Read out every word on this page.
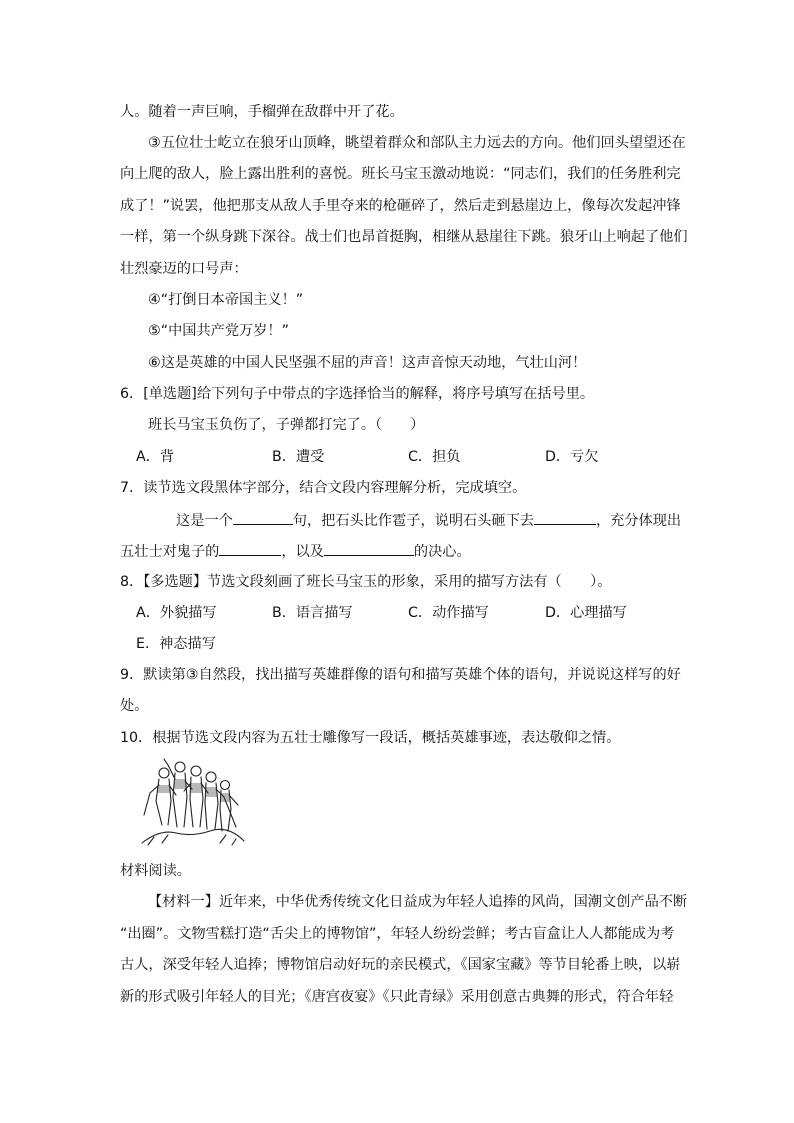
人。随着一声巨响，手榴弹在敌群中开了花。
③五位壮士屹立在狼牙山顶峰，眺望着群众和部队主力远去的方向。他们回头望望还在
向上爬的敌人，脸上露出胜利的喜悦。班长马宝玉激动地说：“同志们，我们的任务胜利完
成了！”说罢，他把那支从敌人手里夺来的枪砸碎了，然后走到悬崖边上，像每次发起冲锋
一样，第一个纵身跳下深谷。战士们也昂首挺胸，相继从悬崖往下跳。狼牙山上响起了他们
壮烈豪迈的口号声：
④“打倒日本帝国主义！”
⑤“中国共产党万岁！”
⑥这是英雄的中国人民坚强不屈的声音！这声音惊天动地，气壮山河！
6．[单选题]给下列句子中带点的字选择恰当的解释，将序号填写在括号里。
班长马宝玉负伤了，子弹都打完了。（ ）
A．背	B．遭受	C．担负	D．亏欠
7．读节选文段黑体字部分，结合文段内容理解分析，完成填空。
这是一个	句，把石头比作雹子，说明石头砸下去	，充分体现出
五壮士对鬼子的	，以及	的决心。
8．【多选题】节选文段刻画了班长马宝玉的形象，采用的描写方法有（　　）。
A．外貌描写	B．语言描写	C．动作描写	D．心理描写
E．神态描写
9．默读第③自然段，找出描写英雄群像的语句和描写英雄个体的语句，并说说这样写的好
处。
10．根据节选文段内容为五壮士雕像写一段话，概括英雄事迹，表达敬仰之情。
材料阅读。
【材料一】近年来，中华优秀传统文化日益成为年轻人追捧的风尚，国潮文创产品不断
“出圈”。文物雪糕打造“舌尖上的博物馆”，年轻人纷纷尝鲜；考古盲盒让人人都能成为考
古人，深受年轻人追捧；博物馆启动好玩的亲民模式，《国家宝藏》等节目轮番上映，以崭
新的形式吸引年轻人的目光；《唐宫夜宴》《只此青绿》采用创意古典舞的形式，符合年轻
